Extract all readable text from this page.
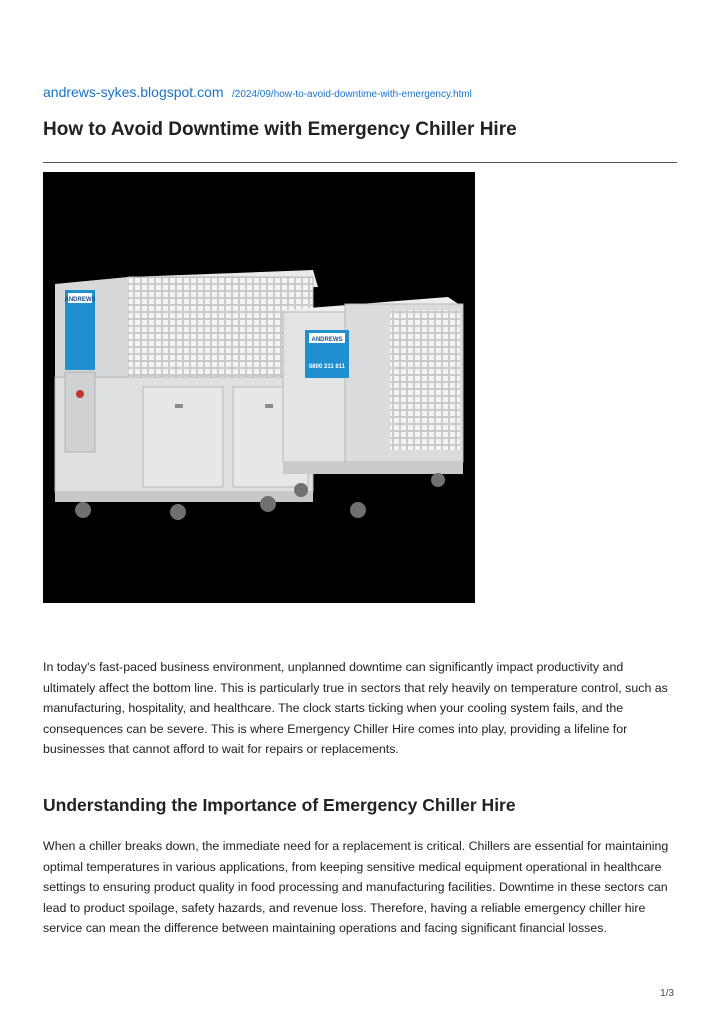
andrews-sykes.blogspot.com /2024/09/how-to-avoid-downtime-with-emergency.html
How to Avoid Downtime with Emergency Chiller Hire
ANDREWS
ANDREWS
0800 211 611

In today's fast-paced business environment, unplanned downtime can significantly impact productivity and ultimately affect the bottom line. This is particularly true in sectors that rely heavily on temperature control, such as manufacturing, hospitality, and healthcare. The clock starts ticking when your cooling system fails, and the consequences can be severe. This is where Emergency Chiller Hire comes into play, providing a lifeline for businesses that cannot afford to wait for repairs or replacements.

Understanding the Importance of Emergency Chiller Hire

When a chiller breaks down, the immediate need for a replacement is critical. Chillers are essential for maintaining optimal temperatures in various applications, from keeping sensitive medical equipment operational in healthcare settings to ensuring product quality in food processing and manufacturing facilities. Downtime in these sectors can lead to product spoilage, safety hazards, and revenue loss. Therefore, having a reliable emergency chiller hire service can mean the difference between maintaining operations and facing significant financial losses.

1/3
